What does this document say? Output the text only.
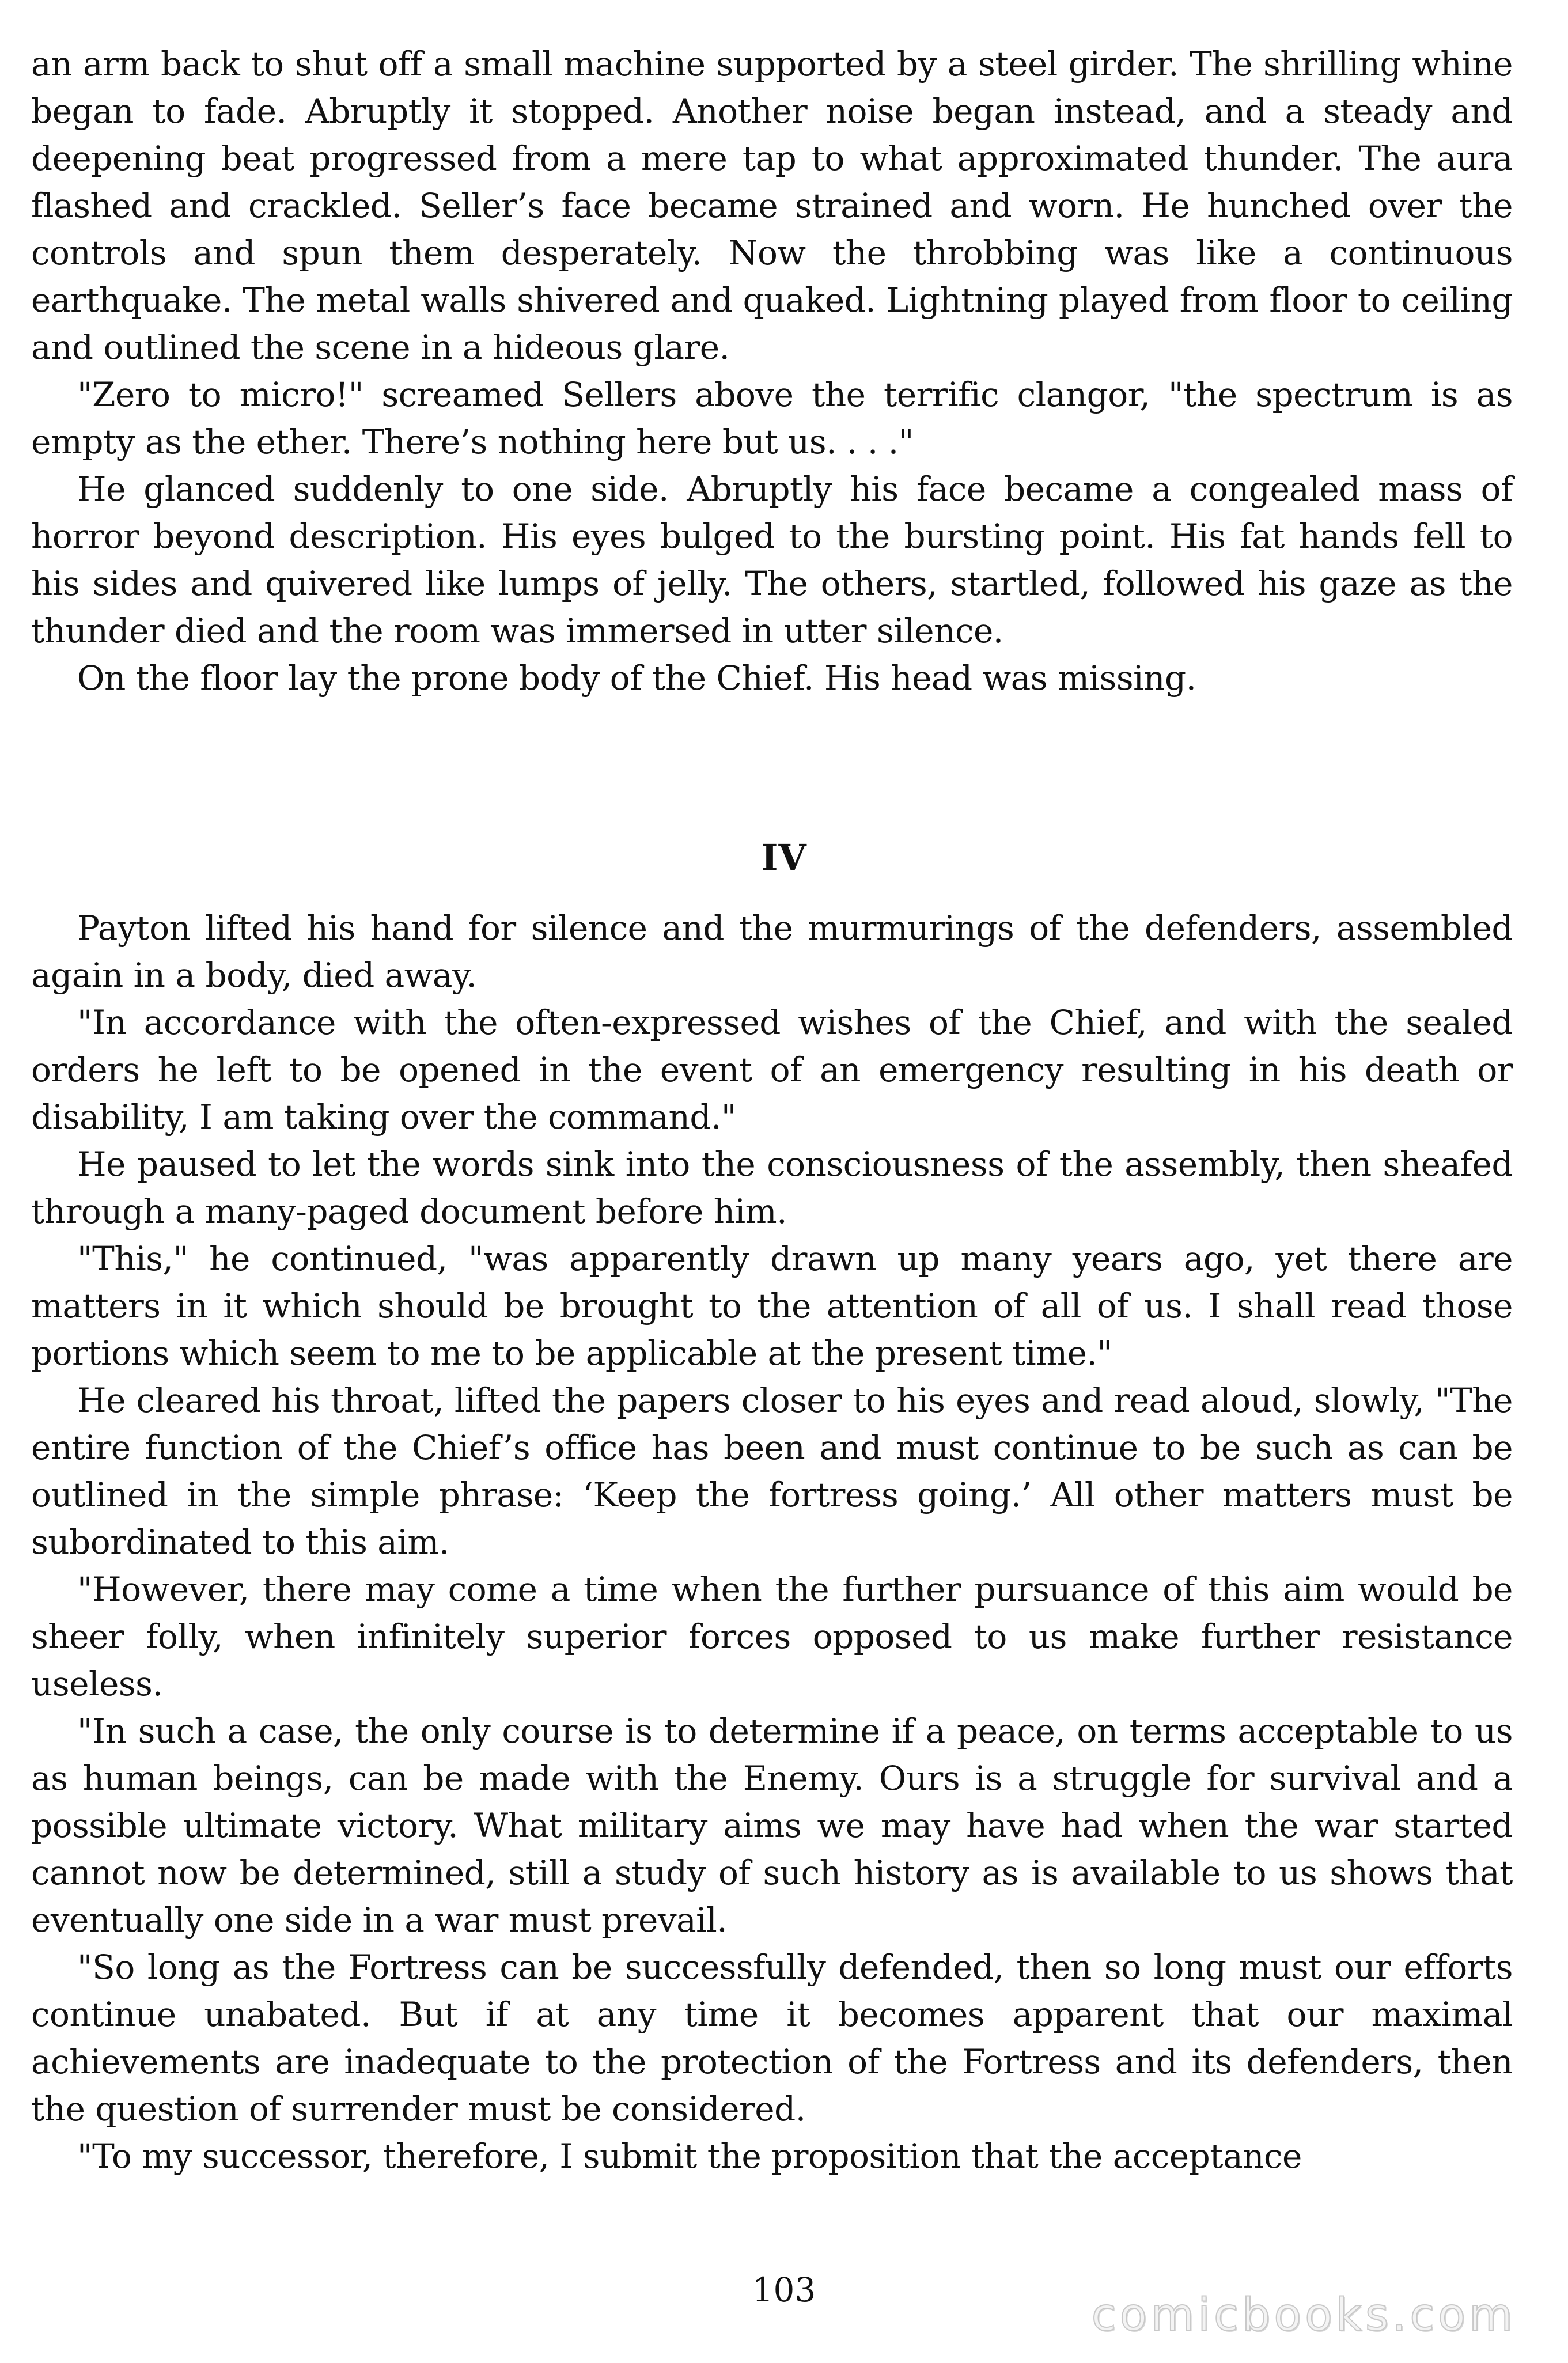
an arm back to shut off a small machine supported by a steel girder. The shrilling whine began to fade. Abruptly it stopped. Another noise began instead, and a steady and deepening beat progressed from a mere tap to what approximated thunder. The aura flashed and crackled. Seller’s face became strained and worn. He hunched over the controls and spun them desperately. Now the throbbing was like a continuous earthquake. The metal walls shivered and quaked. Lightning played from floor to ceiling and outlined the scene in a hideous glare.

"Zero to micro!" screamed Sellers above the terrific clangor, "the spectrum is as empty as the ether. There’s nothing here but us. . . ."

He glanced suddenly to one side. Abruptly his face became a congealed mass of horror beyond description. His eyes bulged to the bursting point. His fat hands fell to his sides and quivered like lumps of jelly. The others, startled, followed his gaze as the thunder died and the room was immersed in utter silence.

On the floor lay the prone body of the Chief. His head was missing.

IV

Payton lifted his hand for silence and the murmurings of the defenders, assembled again in a body, died away.

"In accordance with the often-expressed wishes of the Chief, and with the sealed orders he left to be opened in the event of an emergency resulting in his death or disability, I am taking over the command."

He paused to let the words sink into the consciousness of the assembly, then sheafed through a many-paged document before him.

"This," he continued, "was apparently drawn up many years ago, yet there are matters in it which should be brought to the attention of all of us. I shall read those portions which seem to me to be applicable at the present time."

He cleared his throat, lifted the papers closer to his eyes and read aloud, slowly, "The entire function of the Chief’s office has been and must continue to be such as can be outlined in the simple phrase: ‘Keep the fortress going.’ All other matters must be subordinated to this aim.

"However, there may come a time when the further pursuance of this aim would be sheer folly, when infinitely superior forces opposed to us make further resistance useless.

"In such a case, the only course is to determine if a peace, on terms acceptable to us as human beings, can be made with the Enemy. Ours is a struggle for survival and a possible ultimate victory. What military aims we may have had when the war started cannot now be determined, still a study of such history as is available to us shows that eventually one side in a war must prevail.

"So long as the Fortress can be successfully defended, then so long must our efforts continue unabated. But if at any time it becomes apparent that our maximal achievements are inadequate to the protection of the Fortress and its defenders, then the question of surrender must be considered.

"To my successor, therefore, I submit the proposition that the acceptance

103	comicbooks.com
